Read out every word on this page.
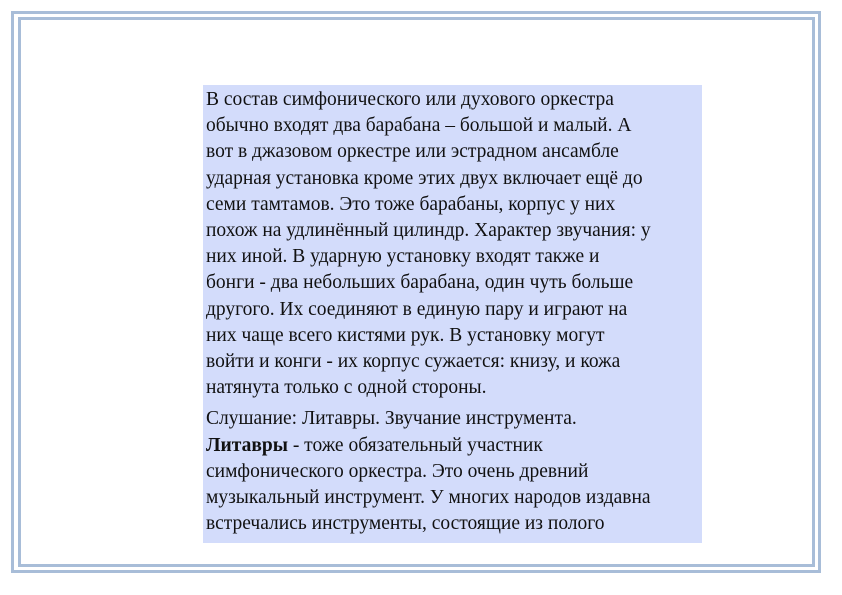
В состав симфонического или духового оркестра
обычно входят два барабана – большой и малый. А
вот в джазовом оркестре или эстрадном ансамбле
ударная установка кроме этих двух включает ещё до
семи тамтамов. Это тоже барабаны, корпус у них
похож на удлинённый цилиндр. Характер звучания: у
них иной. В ударную установку входят также и
бонги - два небольших барабана, один чуть больше
другого. Их соединяют в единую пару и играют на
них чаще всего кистями рук. В установку могут
войти и конги - их корпус сужается: книзу, и кожа
натянута только с одной стороны.

Слушание: Литавры. Звучание инструмента.
Литавры - тоже обязательный участник
симфонического оркестра. Это очень древний
музыкальный инструмент. У многих народов издавна
встречались инструменты, состоящие из полого
